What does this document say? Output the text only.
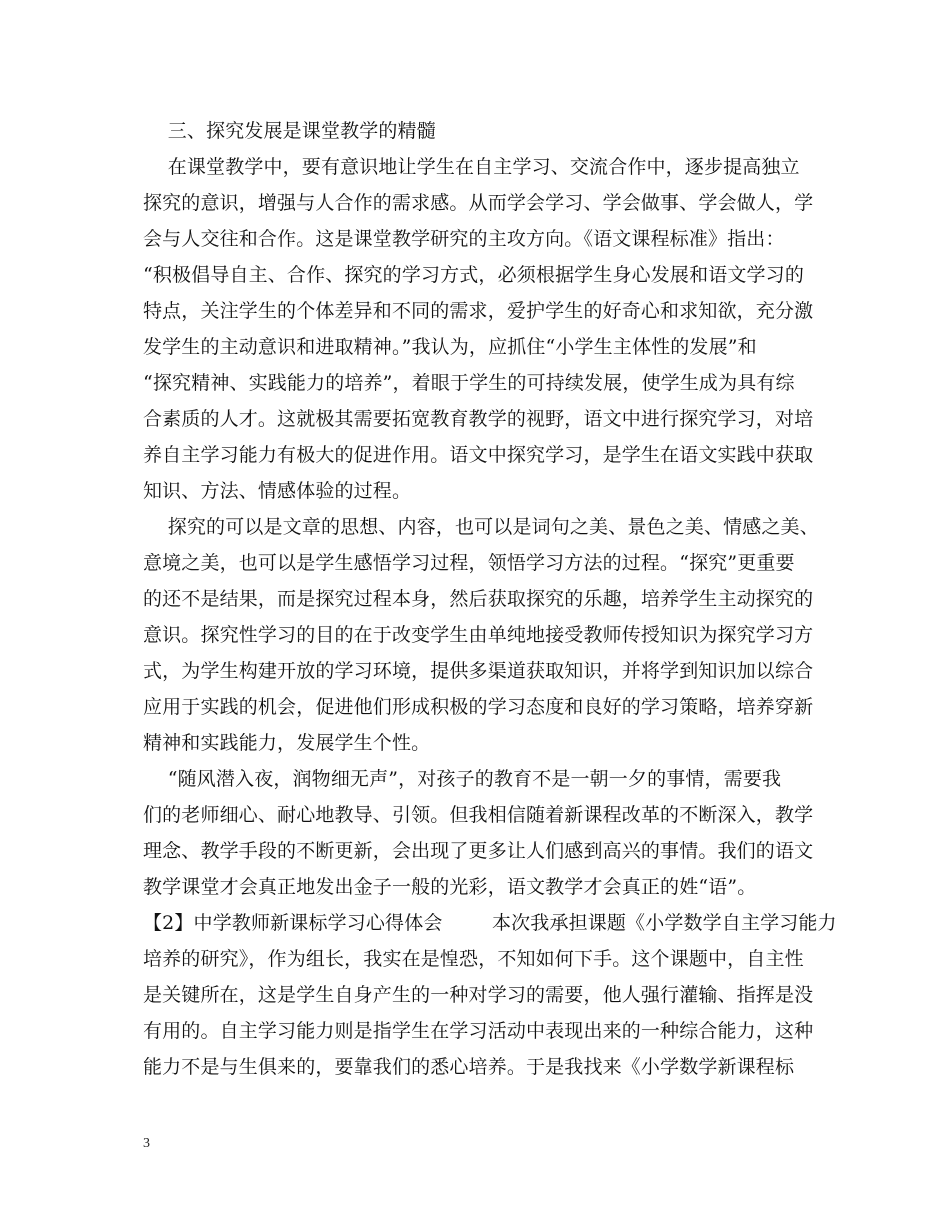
三、探究发展是课堂教学的精髓
在课堂教学中，要有意识地让学生在自主学习、交流合作中，逐步提高独立
探究的意识，增强与人合作的需求感。从而学会学习、学会做事、学会做人，学
会与人交往和合作。这是课堂教学研究的主攻方向。《语文课程标准》指出：
“积极倡导自主、合作、探究的学习方式，必须根据学生身心发展和语文学习的
特点，关注学生的个体差异和不同的需求，爱护学生的好奇心和求知欲，充分激
发学生的主动意识和进取精神。”我认为，应抓住“小学生主体性的发展”和
“探究精神、实践能力的培养”，着眼于学生的可持续发展，使学生成为具有综
合素质的人才。这就极其需要拓宽教育教学的视野，语文中进行探究学习，对培
养自主学习能力有极大的促进作用。语文中探究学习，是学生在语文实践中获取
知识、方法、情感体验的过程。
探究的可以是文章的思想、内容，也可以是词句之美、景色之美、情感之美、
意境之美，也可以是学生感悟学习过程，领悟学习方法的过程。“探究”更重要
的还不是结果，而是探究过程本身，然后获取探究的乐趣，培养学生主动探究的
意识。探究性学习的目的在于改变学生由单纯地接受教师传授知识为探究学习方
式，为学生构建开放的学习环境，提供多渠道获取知识，并将学到知识加以综合
应用于实践的机会，促进他们形成积极的学习态度和良好的学习策略，培养穿新
精神和实践能力，发展学生个性。
“随风潜入夜，润物细无声”，对孩子的教育不是一朝一夕的事情，需要我
们的老师细心、耐心地教导、引领。但我相信随着新课程改革的不断深入，教学
理念、教学手段的不断更新，会出现了更多让人们感到高兴的事情。我们的语文
教学课堂才会真正地发出金子一般的光彩，语文教学才会真正的姓“语”。
【2】中学教师新课标学习心得体会        本次我承担课题《小学数学自主学习能力
培养的研究》，作为组长，我实在是惶恐，不知如何下手。这个课题中，自主性
是关键所在，这是学生自身产生的一种对学习的需要，他人强行灌输、指挥是没
有用的。自主学习能力则是指学生在学习活动中表现出来的一种综合能力，这种
能力不是与生俱来的，要靠我们的悉心培养。于是我找来《小学数学新课程标
3
